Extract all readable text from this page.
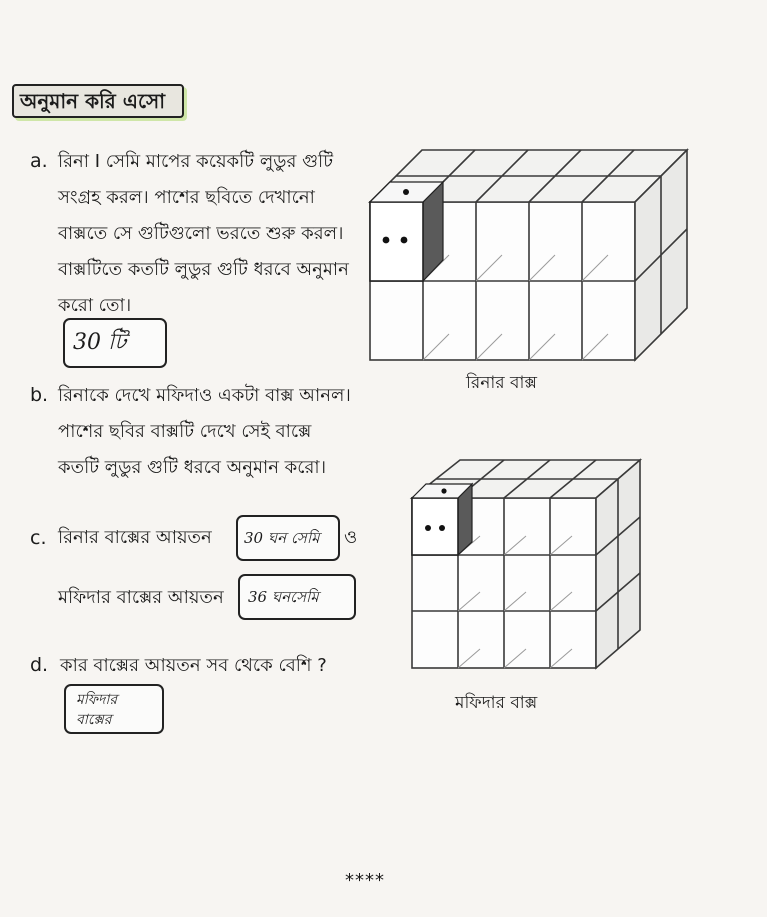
অনুমান করি এসো
a. রিনা I সেমি মাপের কয়েকটি লুডুর গুটি
সংগ্রহ করল। পাশের ছবিতে দেখানো
বাক্সতে সে গুটিগুলো ভরতে শুরু করল।
বাক্সটিতে কতটি লুডুর গুটি ধরবে অনুমান
করো তো।
30 টি
b. রিনাকে দেখে মফিদাও একটা বাক্স আনল।
পাশের ছবির বাক্সটি দেখে সেই বাক্সে
কতটি লুডুর গুটি ধরবে অনুমান করো।
c. রিনার বাক্সের আয়তন	30 ঘন সেমি	ও
মফিদার বাক্সের আয়তন	36 ঘনসেমি
d. কার বাক্সের আয়তন সব থেকে বেশি ?
মফিদার
বাক্সের
রিনার বাক্স
মফিদার বাক্স
****
